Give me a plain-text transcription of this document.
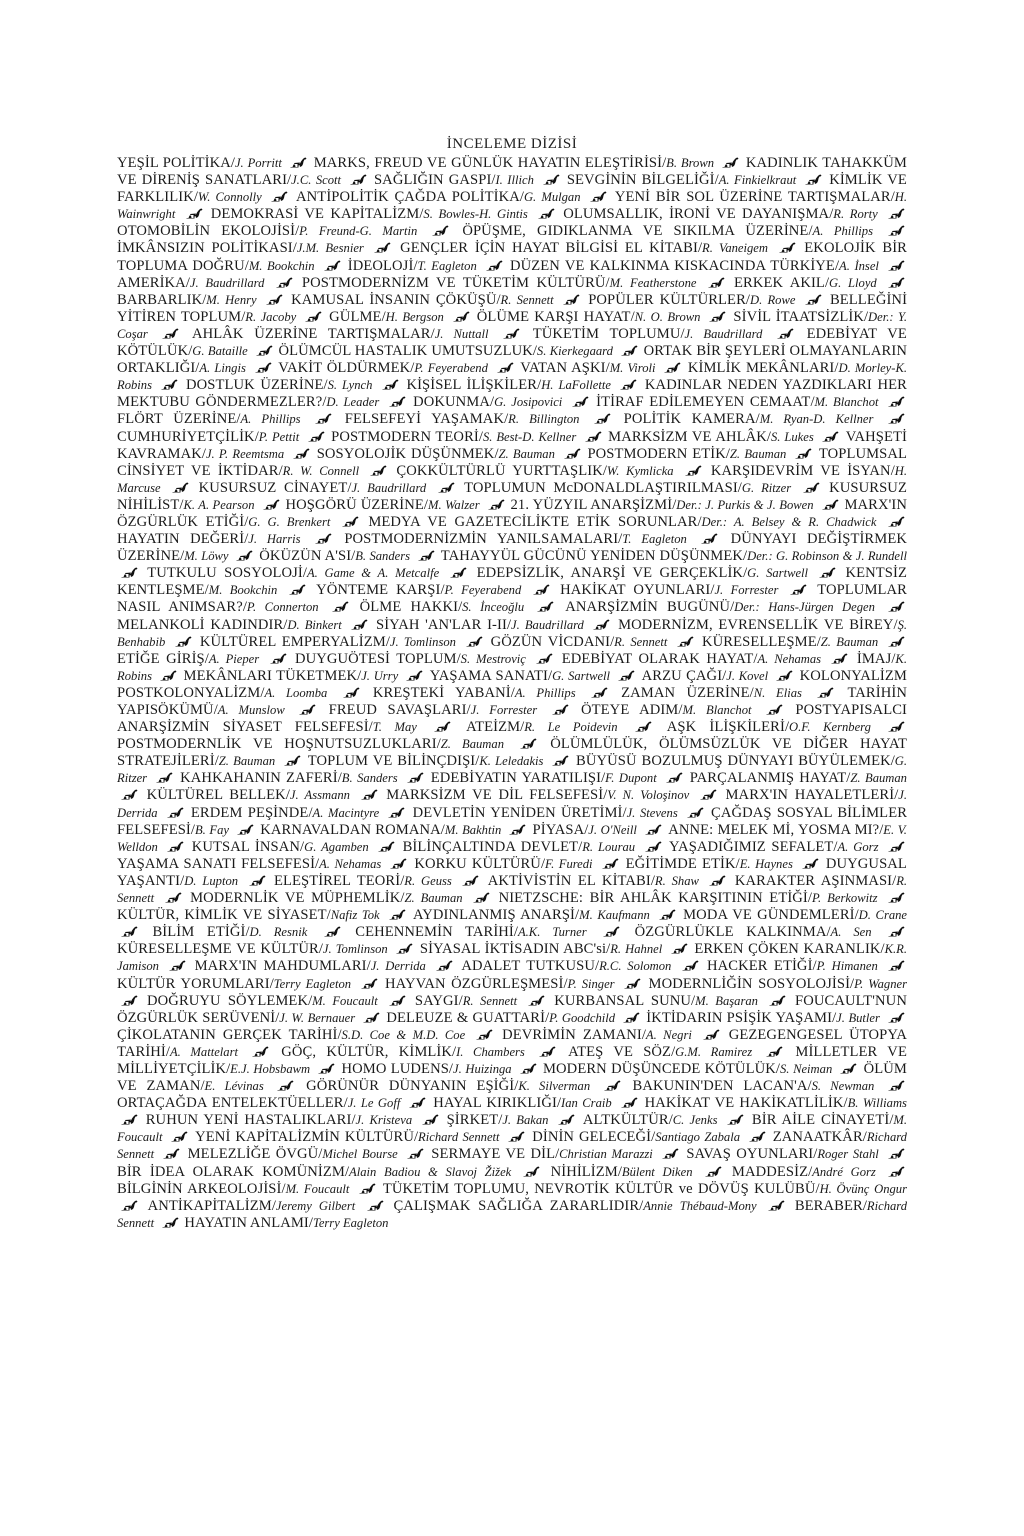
İNCELEME DİZİSİ
YEŞİL POLİTİKA/J. Porritt MARKS, FREUD VE GÜNLÜK HAYATIN ELEŞTİRİSİ/B. Brown KADINLIK TAHAKKÜM VE DİRENİŞ SANATLARI/J.C. Scott SAĞLIĞIN GASPI/I. Illich SEVGİNİN BİLGELİĞİ/A. Finkielkraut KİMLİK VE FARKLILIK/W. Connolly ANTİPOLİTİK ÇAĞDA POLİTİKA/G. Mulgan YENİ BİR SOL ÜZERİNE TARTIŞMALAR/H. Wainwright DEMOKRASİ VE KAPİTALİZM/S. Bowles-H. Gintis OLUMSALLIK, İRONİ VE DAYANIŞMA/R. Rorty  OTOMOBİLİN EKOLOJİSİ/P. Freund-G. Martin	ÖPÜŞME, GIDIKLANMA VE SIKILMA ÜZERİNE/A. Phillips  İMKÂNSIZIN POLİTİKASI/J.M. Besnier GENÇLER İÇİN HAYAT BİLGİSİ EL KİTABI/R. Vaneigem EKOLOJİK BİR TOPLUMA DOĞRU/M. Bookchin İDEOLOJİ/T. Eagleton DÜZEN VE KALKINMA KISKACINDA TÜRKİYE/A. İnsel  AMERİKA/J. Baudrillard	POSTMODERNİZM VE TÜKETİM KÜLTÜRÜ/M. Featherstone	ERKEK AKIL/G. Lloyd  BARBARLIK/M. Henry KAMUSAL İNSANIN ÇÖKÜŞÜ/R. Sennett POPÜLER KÜLTÜRLER/D. Rowe BELLEĞİNİ YİTİREN TOPLUM/R. Jacoby GÜLME/H. Bergson ÖLÜME KARŞI HAYAT/N. O. Brown SİVİL İTAATSİZLİK/Der.: Y. Coşar	AHLÂK ÜZERİNE TARTIŞMALAR/J. Nuttall	TÜKETİM TOPLUMU/J. Baudrillard	EDEBİYAT VE KÖTÜLÜK/G. Bataille ÖLÜMCÜL HASTALIK UMUTSUZLUK/S. Kierkegaard ORTAK BİR ŞEYLERİ OLMAYANLARIN ORTAKLIĞI/A. Lingis VAKİT ÖLDÜRMEK/P. Feyerabend VATAN AŞKI/M. Viroli KİMLİK MEKÂNLARI/D. Morley-K. Robins DOSTLUK ÜZERİNE/S. Lynch KİŞİSEL İLİŞKİLER/H. LaFollette KADINLAR NEDEN YAZDIKLARI HER MEKTUBU GÖNDERMEZLER?/D. Leader DOKUNMA/G. Josipovici İTİRAF EDİLEMEYEN CEMAAT/M. Blanchot  FLÖRT ÜZERİNE/A. Phillips	FELSEFEYİ YAŞAMAK/R. Billington	POLİTİK KAMERA/M. Ryan-D. Kellner  CUMHURİYETÇİLİK/P. Pettit POSTMODERN TEORİ/S. Best-D. Kellner MARKSİZM VE AHLÂK/S. Lukes VAHŞETİ KAVRAMAK/J. P. Reemtsma SOSYOLOJİK DÜŞÜNMEK/Z. Bauman POSTMODERN ETİK/Z. Bauman TOPLUMSAL CİNSİYET VE İKTİDAR/R. W. Connell	ÇOKKÜLTÜRLÜ YURTTAŞLIK/W. Kymlicka	KARŞIDEVRİM VE İSYAN/H. Marcuse	KUSURSUZ CİNAYET/J. Baudrillard	TOPLUMUN McDONALDLAŞTIRILMASI/G. Ritzer	KUSURSUZ NİHİLİST/K. A. Pearson HOŞGÖRÜ ÜZERİNE/M. Walzer 21. YÜZYIL ANARŞİZMİ/Der.: J. Purkis & J. Bowen MARX'IN ÖZGÜRLÜK ETİĞİ/G. G. Brenkert	MEDYA VE GAZETECİLİKTE ETİK SORUNLAR/Der.: A. Belsey & R. Chadwick  HAYATIN DEĞERİ/J. Harris	POSTMODERNİZMİN YANILSAMALARI/T. Eagleton	DÜNYAYI DEĞİŞTİRMEK ÜZERİNE/M. Löwy ÖKÜZÜN A'SI/B. Sanders TAHAYYÜL GÜCÜNÜ YENİDEN DÜŞÜNMEK/Der.: G. Robinson & J. Rundell  TUTKULU SOSYOLOJİ/A. Game & A. Metcalfe	EDEPSİZLİK, ANARŞİ VE GERÇEKLİK/G. Sartwell	KENTSİZ KENTLEŞME/M. Bookchin	YÖNTEME KARŞI/P. Feyerabend	HAKİKAT OYUNLARI/J. Forrester	TOPLUMLAR NASIL ANIMSAR?/P. Connerton	ÖLME HAKKI/S. İnceoğlu	ANARŞİZMİN BUGÜNÜ/Der.: Hans-Jürgen Degen  MELANKOLİ KADINDIR/D. Binkert SİYAH 'AN'LAR I-II/J. Baudrillard MODERNİZM, EVRENSELLİK VE BİREY/Ş. Benhabib KÜLTÜREL EMPERYALİZM/J. Tomlinson GÖZÜN VİCDANI/R. Sennett KÜRESELLEŞME/Z. Bauman  ETİĞE GİRİŞ/A. Pieper DUYGUÖTESİ TOPLUM/S. Mestroviç EDEBİYAT OLARAK HAYAT/A. Nehamas İMAJ/K. Robins MEKÂNLARI TÜKETMEK/J. Urry YAŞAMA SANATI/G. Sartwell ARZU ÇAĞI/J. Kovel KOLONYALİZM POSTKOLONYALİZM/A. Loomba	KREŞTEKİ YABANİ/A. Phillips	ZAMAN ÜZERİNE/N. Elias	TARİHİN YAPISÖKÜMÜ/A. Munslow	FREUD SAVAŞLARI/J. Forrester	ÖTEYE ADIM/M. Blanchot	POSTYAPISALCI ANARŞİZMİN SİYASET FELSEFESİ/T. May	ATEİZM/R. Le Poidevin	AŞK İLİŞKİLERİ/O.F. Kernberg  POSTMODERNLİK VE HOŞNUTSUZLUKLARI/Z. Bauman	ÖLÜMLÜLÜK, ÖLÜMSÜZLÜK VE DİĞER HAYAT STRATEJİLERİ/Z. Bauman TOPLUM VE BİLİNÇDIŞI/K. Leledakis BÜYÜSÜ BOZULMUŞ DÜNYAYI BÜYÜLEMEK/G. Ritzer KAHKAHANIN ZAFERİ/B. Sanders EDEBİYATIN YARATILIŞI/F. Dupont PARÇALANMIŞ HAYAT/Z. Bauman  KÜLTÜREL BELLEK/J. Assmann MARKSİZM VE DİL FELSEFESİ/V. N. Voloşinov MARX'IN HAYALETLERİ/J. Derrida ERDEM PEŞİNDE/A. Macintyre DEVLETİN YENİDEN ÜRETİMİ/J. Stevens ÇAĞDAŞ SOSYAL BİLİMLER FELSEFESİ/B. Fay KARNAVALDAN ROMANA/M. Bakhtin PİYASA/J. O'Neill ANNE: MELEK Mİ, YOSMA MI?/E. V. Welldon KUTSAL İNSAN/G. Agamben BİLİNÇALTINDA DEVLET/R. Lourau YAŞADIĞIMIZ SEFALET/A. Gorz  YAŞAMA SANATI FELSEFESİ/A. Nehamas KORKU KÜLTÜRÜ/F. Furedi EĞİTİMDE ETİK/E. Haynes DUYGUSAL YAŞANTI/D. Lupton ELEŞTİREL TEORİ/R. Geuss AKTİVİSTİN EL KİTABI/R. Shaw KARAKTER AŞINMASI/R. Sennett MODERNLİK VE MÜPHEMLİK/Z. Bauman NIETZSCHE: BİR AHLÂK KARŞITININ ETİĞİ/P. Berkowitz  KÜLTÜR, KİMLİK VE SİYASET/Nafiz Tok AYDINLANMIŞ ANARŞİ/M. Kaufmann MODA VE GÜNDEMLERİ/D. Crane  BİLİM ETİĞİ/D. Resnik	CEHENNEMİN TARİHİ/A.K. Turner	ÖZGÜRLÜKLE KALKINMA/A. Sen  KÜRESELLEŞME VE KÜLTÜR/J. Tomlinson SİYASAL İKTİSADIN ABC'si/R. Hahnel ERKEN ÇÖKEN KARANLIK/K.R. Jamison MARX'IN MAHDUMLARI/J. Derrida ADALET TUTKUSU/R.C. Solomon HACKER ETİĞİ/P. Himanen  KÜLTÜR YORUMLARI/Terry Eagleton HAYVAN ÖZGÜRLEŞMESİ/P. Singer MODERNLİĞİN SOSYOLOJİSİ/P. Wagner  DOĞRUYU SÖYLEMEK/M. Foucault	SAYGI/R. Sennett	KURBANSAL SUNU/M. Başaran	FOUCAULT'NUN ÖZGÜRLÜK SERÜVENİ/J. W. Bernauer DELEUZE & GUATTARİ/P. Goodchild İKTİDARIN PSİŞİK YAŞAMI/J. Butler  ÇİKOLATANIN GERÇEK TARİHİ/S.D. Coe & M.D. Coe	DEVRİMİN ZAMANI/A. Negri	GEZEGENGESEL ÜTOPYA TARİHİ/A. Mattelart	GÖÇ, KÜLTÜR, KİMLİK/I. Chambers	ATEŞ VE SÖZ/G.M. Ramirez	MİLLETLER VE MİLLİYETÇİLİK/E.J. Hobsbawm HOMO LUDENS/J. Huizinga MODERN DÜŞÜNCEDE KÖTÜLÜK/S. Neiman ÖLÜM VE ZAMAN/E. Lévinas	GÖRÜNÜR DÜNYANIN EŞİĞİ/K. Silverman	BAKUNIN'DEN LACAN'A/S. Newman  ORTAÇAĞDA ENTELEKTÜELLER/J. Le Goff HAYAL KIRIKLIĞI/Ian Craib HAKİKAT VE HAKİKATLİLİK/B. Williams  RUHUN YENİ HASTALIKLARI/J. Kristeva ŞİRKET/J. Bakan ALTKÜLTÜR/C. Jenks BİR AİLE CİNAYETİ/M. Foucault YENİ KAPİTALİZMİN KÜLTÜRÜ/Richard Sennett DİNİN GELECEĞİ/Santiago Zabala ZANAATKÂR/Richard Sennett MELEZLİĞE ÖVGÜ/Michel Bourse SERMAYE VE DİL/Christian Marazzi SAVAŞ OYUNLARI/Roger Stahl  BİR İDEA OLARAK KOMÜNİZM/Alain Badiou & Slavoj Žižek	NİHİLİZM/Bülent Diken	MADDESİZ/André Gorz  BİLGİNİN ARKEOLOJİSİ/M. Foucault TÜKETİM TOPLUMU, NEVROTİK KÜLTÜR ve DÖVÜŞ KULÜBÜ/H. Övünç Ongur  ANTİKAPİTALİZM/Jeremy Gilbert	ÇALIŞMAK SAĞLIĞA ZARARLIDIR/Annie Thébaud-Mony	BERABER/Richard Sennett HAYATIN ANLAMI/Terry Eagleton
